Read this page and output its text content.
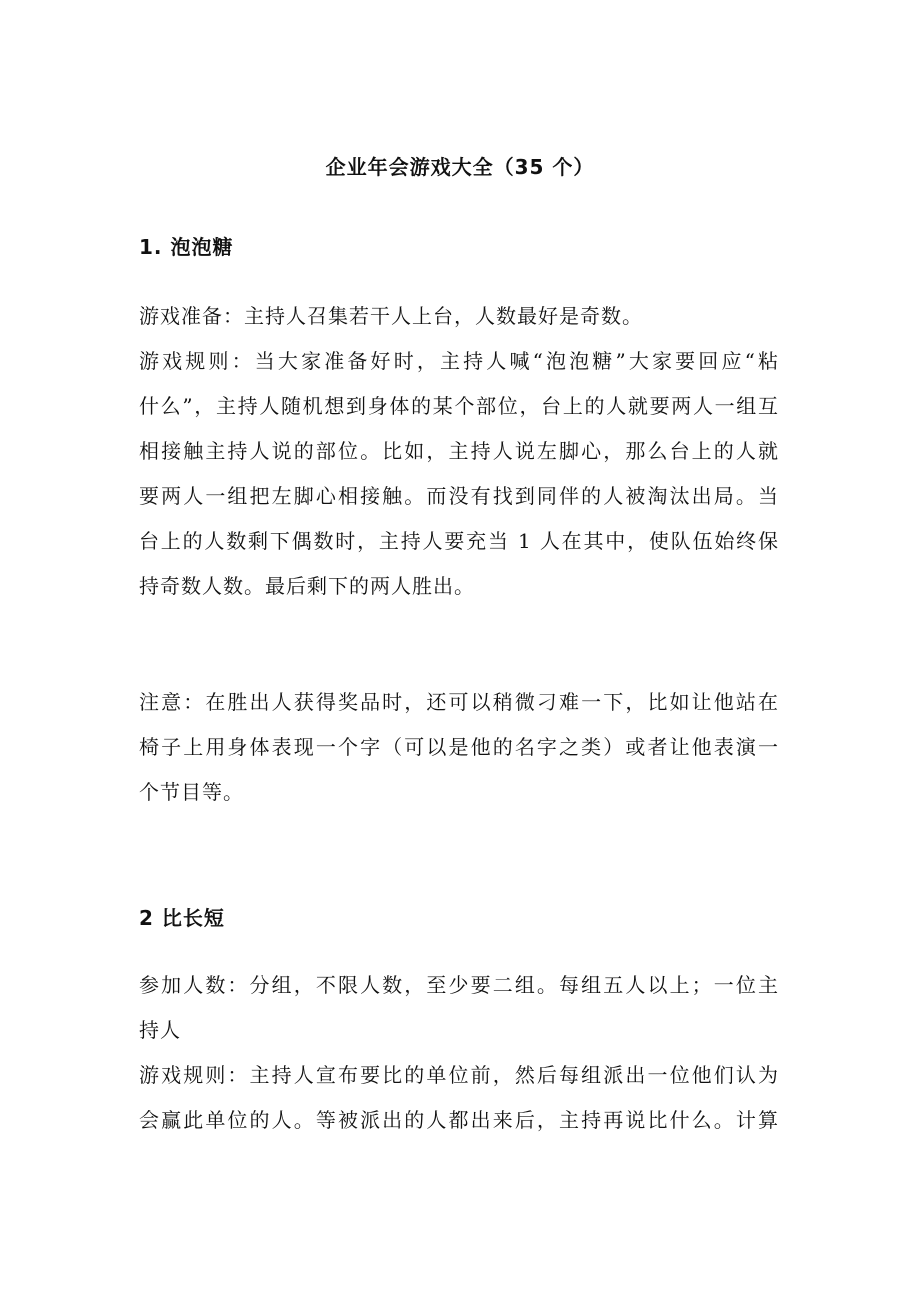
企业年会游戏大全（35 个）
1. 泡泡糖
游戏准备：主持人召集若干人上台，人数最好是奇数。
游戏规则：当大家准备好时，主持人喊“泡泡糖”大家要回应“粘
什么”，主持人随机想到身体的某个部位，台上的人就要两人一组互
相接触主持人说的部位。比如，主持人说左脚心，那么台上的人就
要两人一组把左脚心相接触。而没有找到同伴的人被淘汰出局。当
台上的人数剩下偶数时，主持人要充当 1 人在其中，使队伍始终保
持奇数人数。最后剩下的两人胜出。
注意：在胜出人获得奖品时，还可以稍微刁难一下，比如让他站在
椅子上用身体表现一个字（可以是他的名字之类）或者让他表演一
个节目等。
2 比长短
参加人数：分组，不限人数，至少要二组。每组五人以上；一位主
持人
游戏规则：主持人宣布要比的单位前，然后每组派出一位他们认为
会赢此单位的人。等被派出的人都出来后，主持再说比什么。计算
